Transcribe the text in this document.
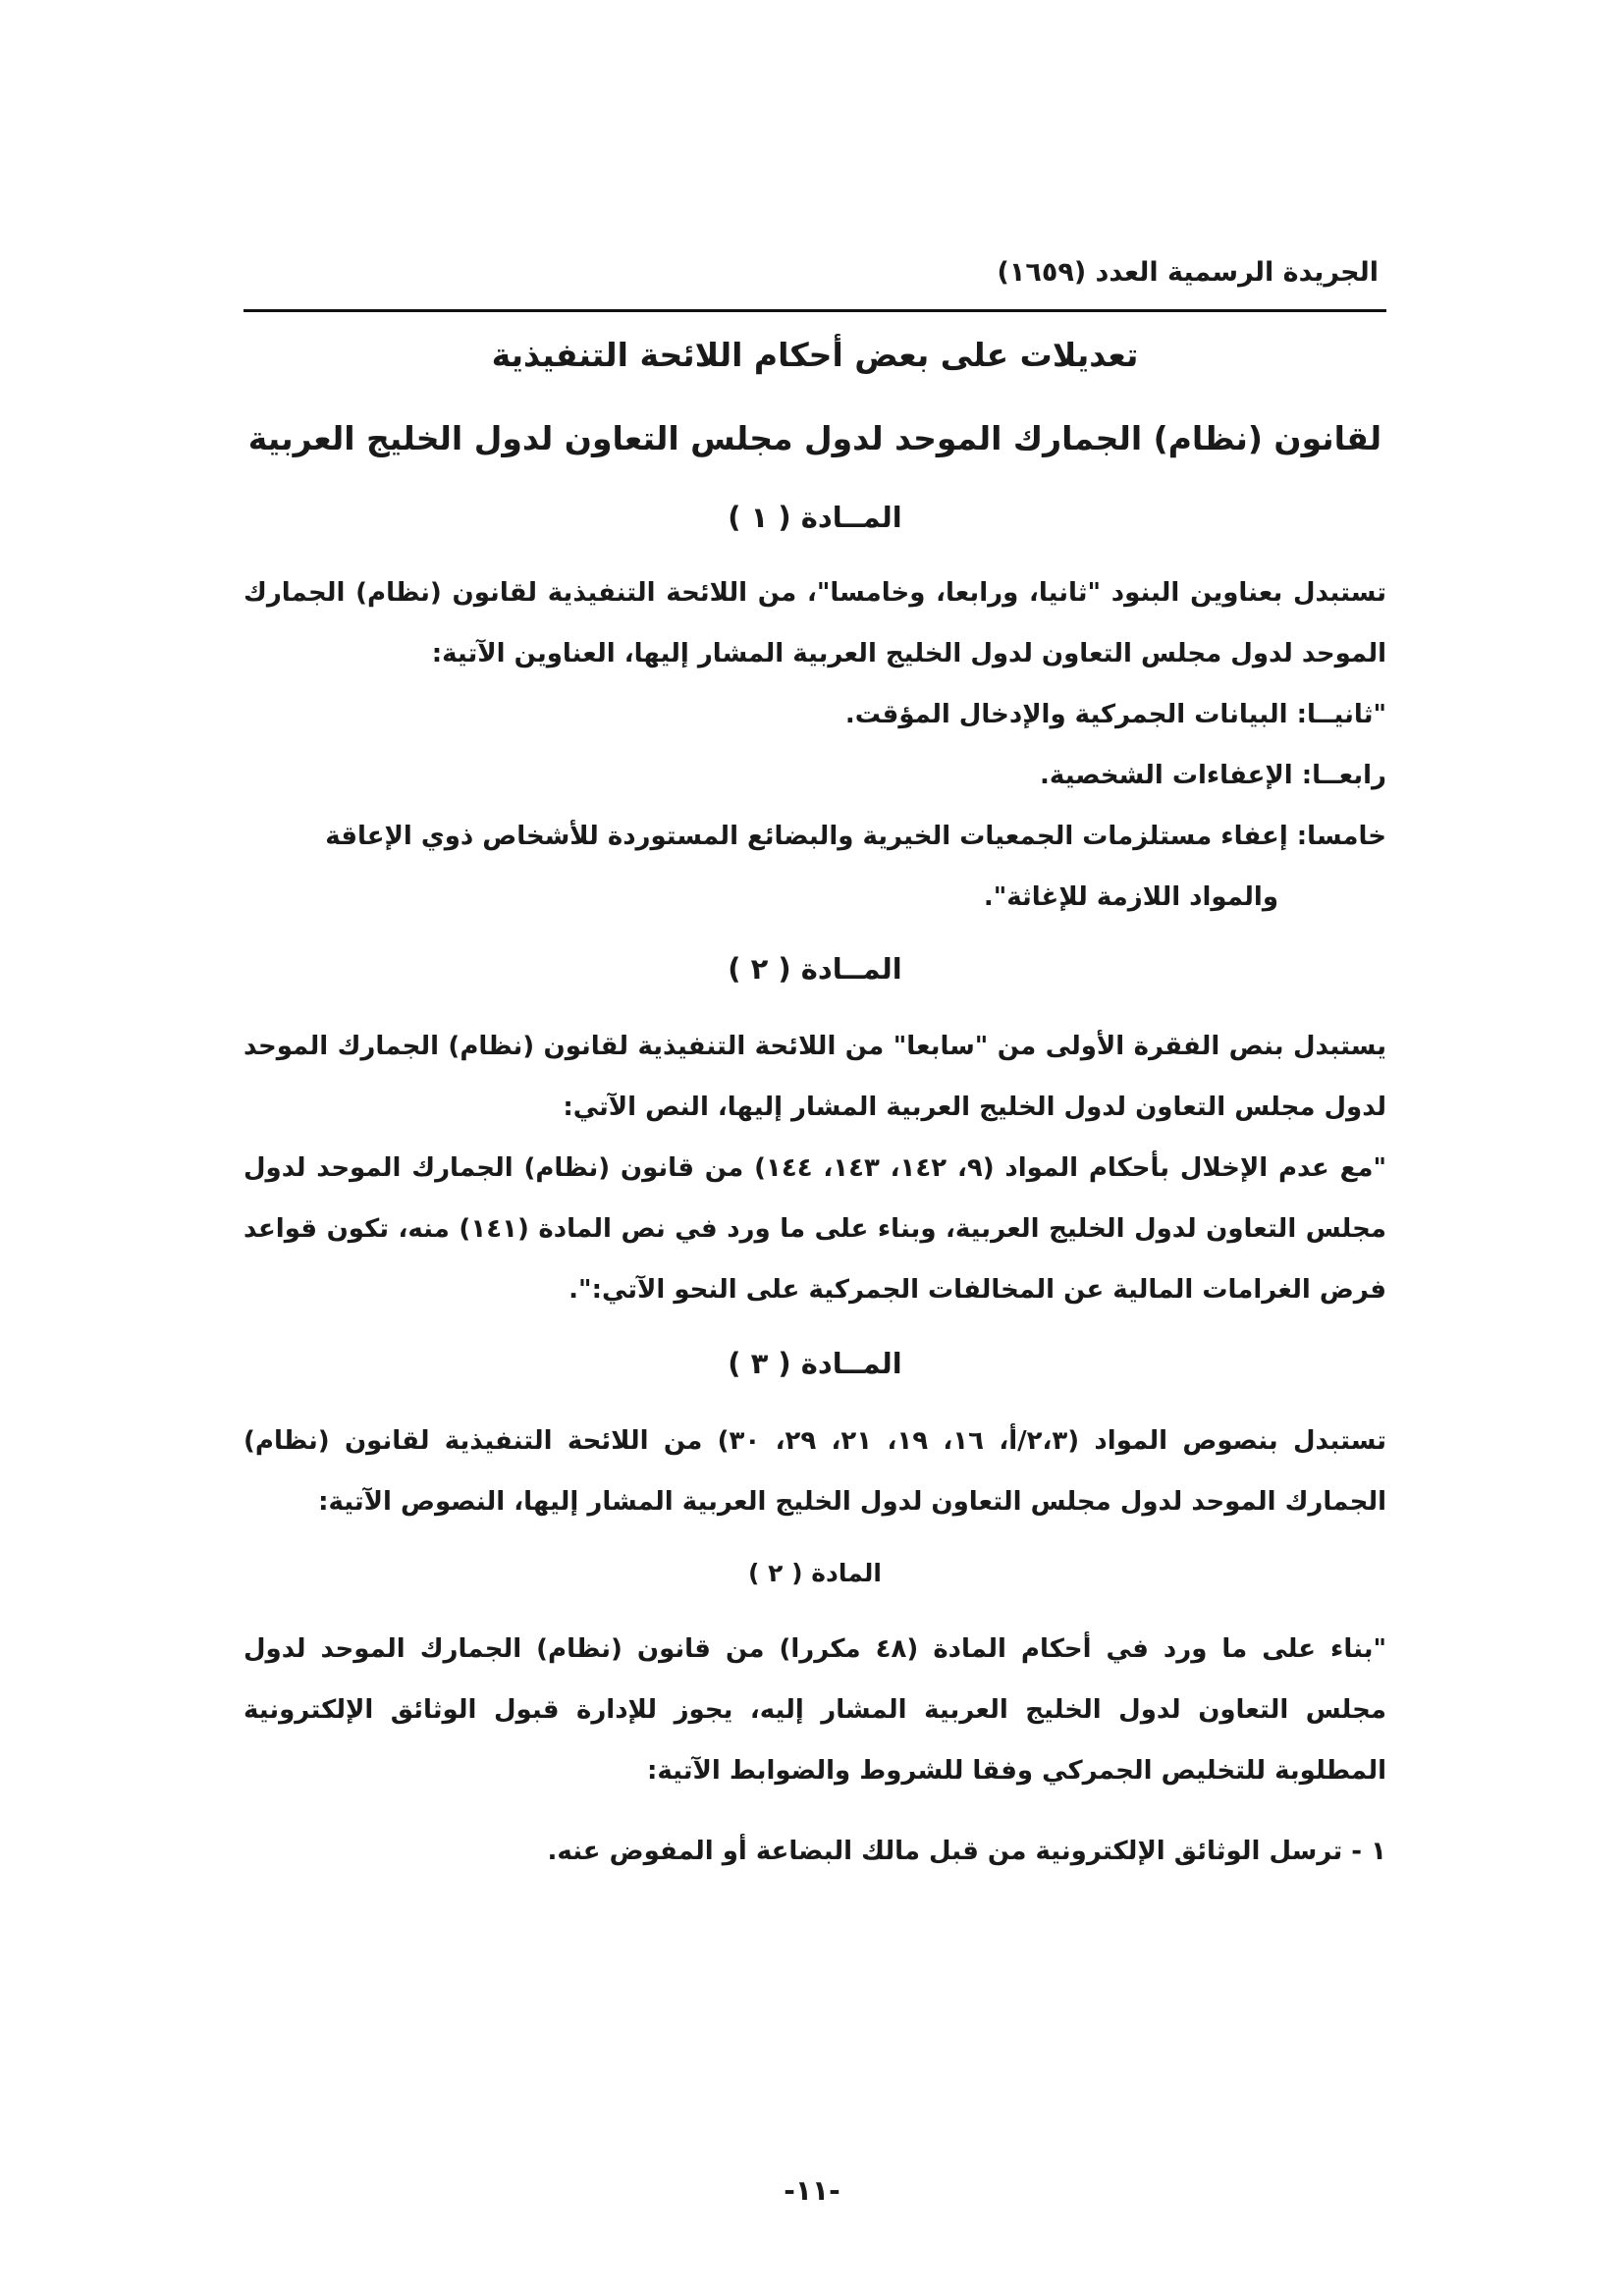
الجريدة الرسمية العدد (١٦٥٩)
تعديلات على بعض أحكام اللائحة التنفيذية
لقانون (نظام) الجمارك الموحد لدول مجلس التعاون لدول الخليج العربية
المــادة ( ١ )

تستبدل بعناوين البنود "ثانيا، ورابعا، وخامسا"، من اللائحة التنفيذية لقانون (نظام) الجمارك الموحد لدول مجلس التعاون لدول الخليج العربية المشار إليها، العناوين الآتية:

"ثانيــا: البيانات الجمركية والإدخال المؤقت.

رابعــا: الإعفاءات الشخصية.

خامسا: إعفاء مستلزمات الجمعيات الخيرية والبضائع المستوردة للأشخاص ذوي الإعاقة

والمواد اللازمة للإغاثة".

المــادة ( ٢ )

يستبدل بنص الفقرة الأولى من "سابعا" من اللائحة التنفيذية لقانون (نظام) الجمارك الموحد لدول مجلس التعاون لدول الخليج العربية المشار إليها، النص الآتي:

"مع عدم الإخلال بأحكام المواد (٩، ١٤٢، ١٤٣، ١٤٤) من قانون (نظام) الجمارك الموحد لدول مجلس التعاون لدول الخليج العربية، وبناء على ما ورد في نص المادة (١٤١) منه، تكون قواعد فرض الغرامات المالية عن المخالفات الجمركية على النحو الآتي:".

المــادة ( ٣ )

تستبدل بنصوص المواد (٢،٣/أ، ١٦، ١٩، ٢١، ٢٩، ٣٠) من اللائحة التنفيذية لقانون (نظام) الجمارك الموحد لدول مجلس التعاون لدول الخليج العربية المشار إليها، النصوص الآتية:

المادة ( ٢ )

"بناء على ما ورد في أحكام المادة (٤٨ مكررا) من قانون (نظام) الجمارك الموحد لدول مجلس التعاون لدول الخليج العربية المشار إليه، يجوز للإدارة قبول الوثائق الإلكترونية المطلوبة للتخليص الجمركي وفقا للشروط والضوابط الآتية:

١ - ترسل الوثائق الإلكترونية من قبل مالك البضاعة أو المفوض عنه.

-١١-
